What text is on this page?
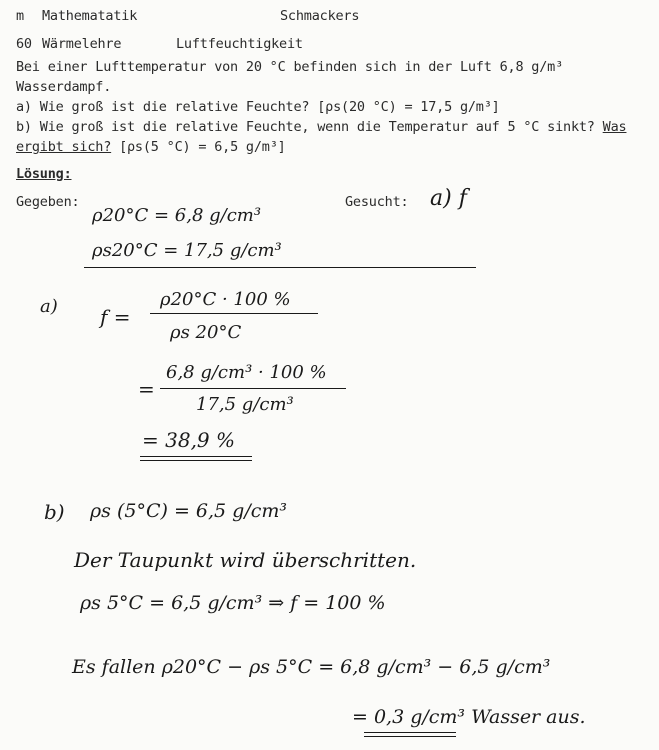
m Mathematatik	Schmackers
60 Wärmelehre	Luftfeuchtigkeit
Bei einer Lufttemperatur von 20 °C befinden sich in der Luft 6,8 g/m³
Wasserdampf.
a) Wie groß ist die relative Feuchte? [ρs(20 °C) = 17,5 g/m³]
b) Wie groß ist die relative Feuchte, wenn die Temperatur auf 5 °C sinkt? Was
ergibt sich? [ρs(5 °C) = 6,5 g/m³]
Lösung:
Gegeben:	Gesucht: a) f
ρ20°C = 6,8 g/cm³
ρs20°C = 17,5 g/cm³
a) f =
ρ20°C · 100 %
ρs 20°C
=
6,8 g/cm³ · 100 %
17,5 g/cm³
= 38,9 %
b) ρs (5°C) = 6,5 g/cm³
Der Taupunkt wird überschritten.
ρs 5°C = 6,5 g/cm³ ⇒ f = 100 %
Es fallen ρ20°C − ρs 5°C = 6,8 g/cm³ − 6,5 g/cm³
= 0,3 g/cm³ Wasser aus.
